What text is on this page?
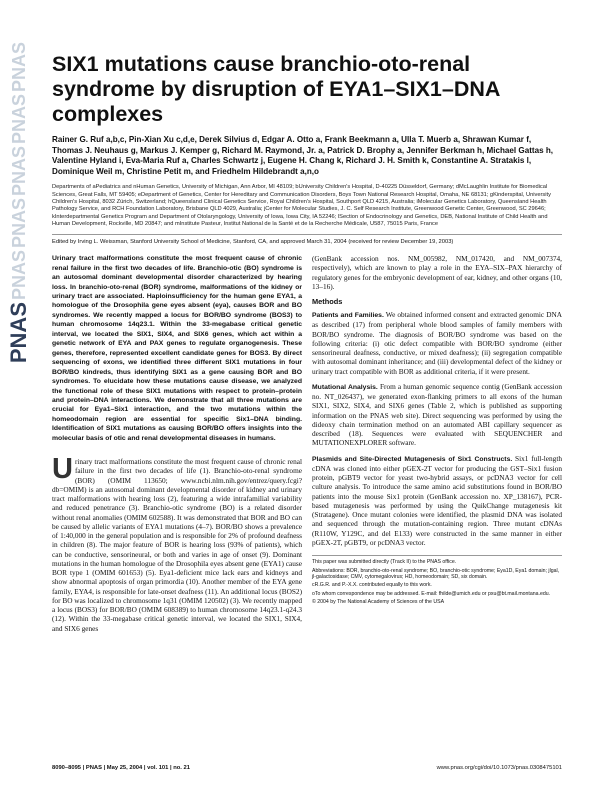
PNAS
PNAS
PNAS
PNAS
PNAS
PNAS
SIX1 mutations cause branchio-oto-renal syndrome by disruption of EYA1–SIX1–DNA complexes

Rainer G. Ruf a,b,c, Pin-Xian Xu c,d,e, Derek Silvius d, Edgar A. Otto a, Frank Beekmann a, Ulla T. Muerb a, Shrawan Kumar f, Thomas J. Neuhaus g, Markus J. Kemper g, Richard M. Raymond, Jr. a, Patrick D. Brophy a, Jennifer Berkman h, Michael Gattas h, Valentine Hyland i, Eva-Maria Ruf a, Charles Schwartz j, Eugene H. Chang k, Richard J. H. Smith k, Constantine A. Stratakis l, Dominique Weil m, Christine Petit m, and Friedhelm Hildebrandt a,n,o

Departments of aPediatrics and nHuman Genetics, University of Michigan, Ann Arbor, MI 48109; bUniversity Children's Hospital, D-40225 Düsseldorf, Germany; dMcLaughlin Institute for Biomedical Sciences, Great Falls, MT 59405; eDepartment of Genetics, Center for Hereditary and Communication Disorders, Boys Town National Research Hospital, Omaha, NE 68131; gKinderspital, University Children's Hospital, 8032 Zürich, Switzerland; hQueensland Clinical Genetics Service, Royal Children's Hospital, Southport QLD 4215, Australia; iMolecular Genetics Laboratory, Queensland Health Pathology Service, and RCH Foundation Laboratory, Brisbane QLD 4029, Australia; jCenter for Molecular Studies, J. C. Self Research Institute, Greenwood Genetic Center, Greenwood, SC 29646; kInterdepartmental Genetics Program and Department of Otolaryngology, University of Iowa, Iowa City, IA 52246; lSection of Endocrinology and Genetics, DEB, National Institute of Child Health and Human Development, Rockville, MD 20847; and mInstitute Pasteur, Institut National de la Santé et de la Recherche Médicale, U587, 75015 Paris, France

Edited by Irving L. Weissman, Stanford University School of Medicine, Stanford, CA, and approved March 31, 2004 (received for review December 19, 2003)

Urinary tract malformations constitute the most frequent cause of chronic renal failure in the first two decades of life. Branchio-otic (BO) syndrome is an autosomal dominant developmental disorder characterized by hearing loss. In branchio-oto-renal (BOR) syndrome, malformations of the kidney or urinary tract are associated. Haploinsufficiency for the human gene EYA1, a homologue of the Drosophila gene eyes absent (eya), causes BOR and BO syndromes. We recently mapped a locus for BOR/BO syndrome (BOS3) to human chromosome 14q23.1. Within the 33-megabase critical genetic interval, we located the SIX1, SIX4, and SIX6 genes, which act within a genetic network of EYA and PAX genes to regulate organogenesis. These genes, therefore, represented excellent candidate genes for BOS3. By direct sequencing of exons, we identified three different SIX1 mutations in four BOR/BO kindreds, thus identifying SIX1 as a gene causing BOR and BO syndromes. To elucidate how these mutations cause disease, we analyzed the functional role of these SIX1 mutations with respect to protein–protein and protein–DNA interactions. We demonstrate that all three mutations are crucial for Eya1–Six1 interaction, and the two mutations within the homeodomain region are essential for specific Six1–DNA binding. Identification of SIX1 mutations as causing BOR/BO offers insights into the molecular basis of otic and renal developmental diseases in humans.

U rinary tract malformations constitute the most frequent cause of chronic renal failure in the first two decades of life (1). Branchio-oto-renal syndrome (BOR) (OMIM 113650; www.ncbi.nlm.nih.gov/entrez/query.fcgi?db=OMIM) is an autosomal dominant developmental disorder of kidney and urinary tract malformations with hearing loss (2), featuring a wide intrafamilial variability and reduced penetrance (3). Branchio-otic syndrome (BO) is a related disorder without renal anomalies (OMIM 602588). It was demonstrated that BOR and BO can be caused by allelic variants of EYA1 mutations (4–7). BOR/BO shows a prevalence of 1:40,000 in the general population and is responsible for 2% of profound deafness in children (8). The major feature of BOR is hearing loss (93% of patients), which can be conductive, sensorineural, or both and varies in age of onset (9). Dominant mutations in the human homologue of the Drosophila eyes absent gene (EYA1) cause BOR type 1 (OMIM 601653) (5). Eya1-deficient mice lack ears and kidneys and show abnormal apoptosis of organ primordia (10). Another member of the EYA gene family, EYA4, is responsible for late-onset deafness (11). An additional locus (BOS2) for BO was localized to chromosome 1q31 (OMIM 120502) (3). We recently mapped a locus (BOS3) for BOR/BO (OMIM 608389) to human chromosome 14q23.1-q24.3 (12). Within the 33-megabase critical genetic interval, we located the SIX1, SIX4, and SIX6 genes

(GenBank accession nos. NM_005982, NM_017420, and NM_007374, respectively), which are known to play a role in the EYA–SIX–PAX hierarchy of regulatory genes for the embryonic development of ear, kidney, and other organs (10, 13–16).

Methods

Patients and Families. We obtained informed consent and extracted genomic DNA as described (17) from peripheral whole blood samples of family members with BOR/BO syndrome. The diagnosis of BOR/BO syndrome was based on the following criteria: (i) otic defect compatible with BOR/BO syndrome (either sensorineural deafness, conductive, or mixed deafness); (ii) segregation compatible with autosomal dominant inheritance; and (iii) developmental defect of the kidney or urinary tract compatible with BOR as additional criteria, if it were present.

Mutational Analysis. From a human genomic sequence contig (GenBank accession no. NT_026437), we generated exon-flanking primers to all exons of the human SIX1, SIX2, SIX4, and SIX6 genes (Table 2, which is published as supporting information on the PNAS web site). Direct sequencing was performed by using the dideoxy chain termination method on an automated ABI capillary sequencer as described (18). Sequences were evaluated with SEQUENCHER and MUTATIONEXPLORER software.

Plasmids and Site-Directed Mutagenesis of Six1 Constructs. Six1 full-length cDNA was cloned into either pGEX-2T vector for producing the GST–Six1 fusion protein, pGBT9 vector for yeast two-hybrid assays, or pcDNA3 vector for cell culture analysis. To introduce the same amino acid substitutions found in BOR/BO patients into the mouse Six1 protein (GenBank accession no. XP_138167), PCR-based mutagenesis was performed by using the QuikChange mutagenesis kit (Stratagene). Once mutant colonies were identified, the plasmid DNA was isolated and sequenced through the mutation-containing region. Three mutant cDNAs (R110W, Y129C, and del E133) were constructed in the same manner in either pGEX-2T, pGBT9, or pcDNA3 vector.

This paper was submitted directly (Track II) to the PNAS office.

Abbreviations: BOR, branchio-oto-renal syndrome; BO, branchio-otic syndrome; Eya1D, Eya1 domain; jlgal, jl-galactosidase; CMV, cytomegalovirus; HD, homeodomain; SD, six domain.

cR.G.R. and P.-X.X. contributed equally to this work.

oTo whom correspondence may be addressed. E-mail: fhilde@umich.edu or pxu@bt.mail.montana.edu.

© 2004 by The National Academy of Sciences of the USA

8090–8095 | PNAS | May 25, 2004 | vol. 101 | no. 21	www.pnas.org/cgi/doi/10.1073/pnas.0308475101
